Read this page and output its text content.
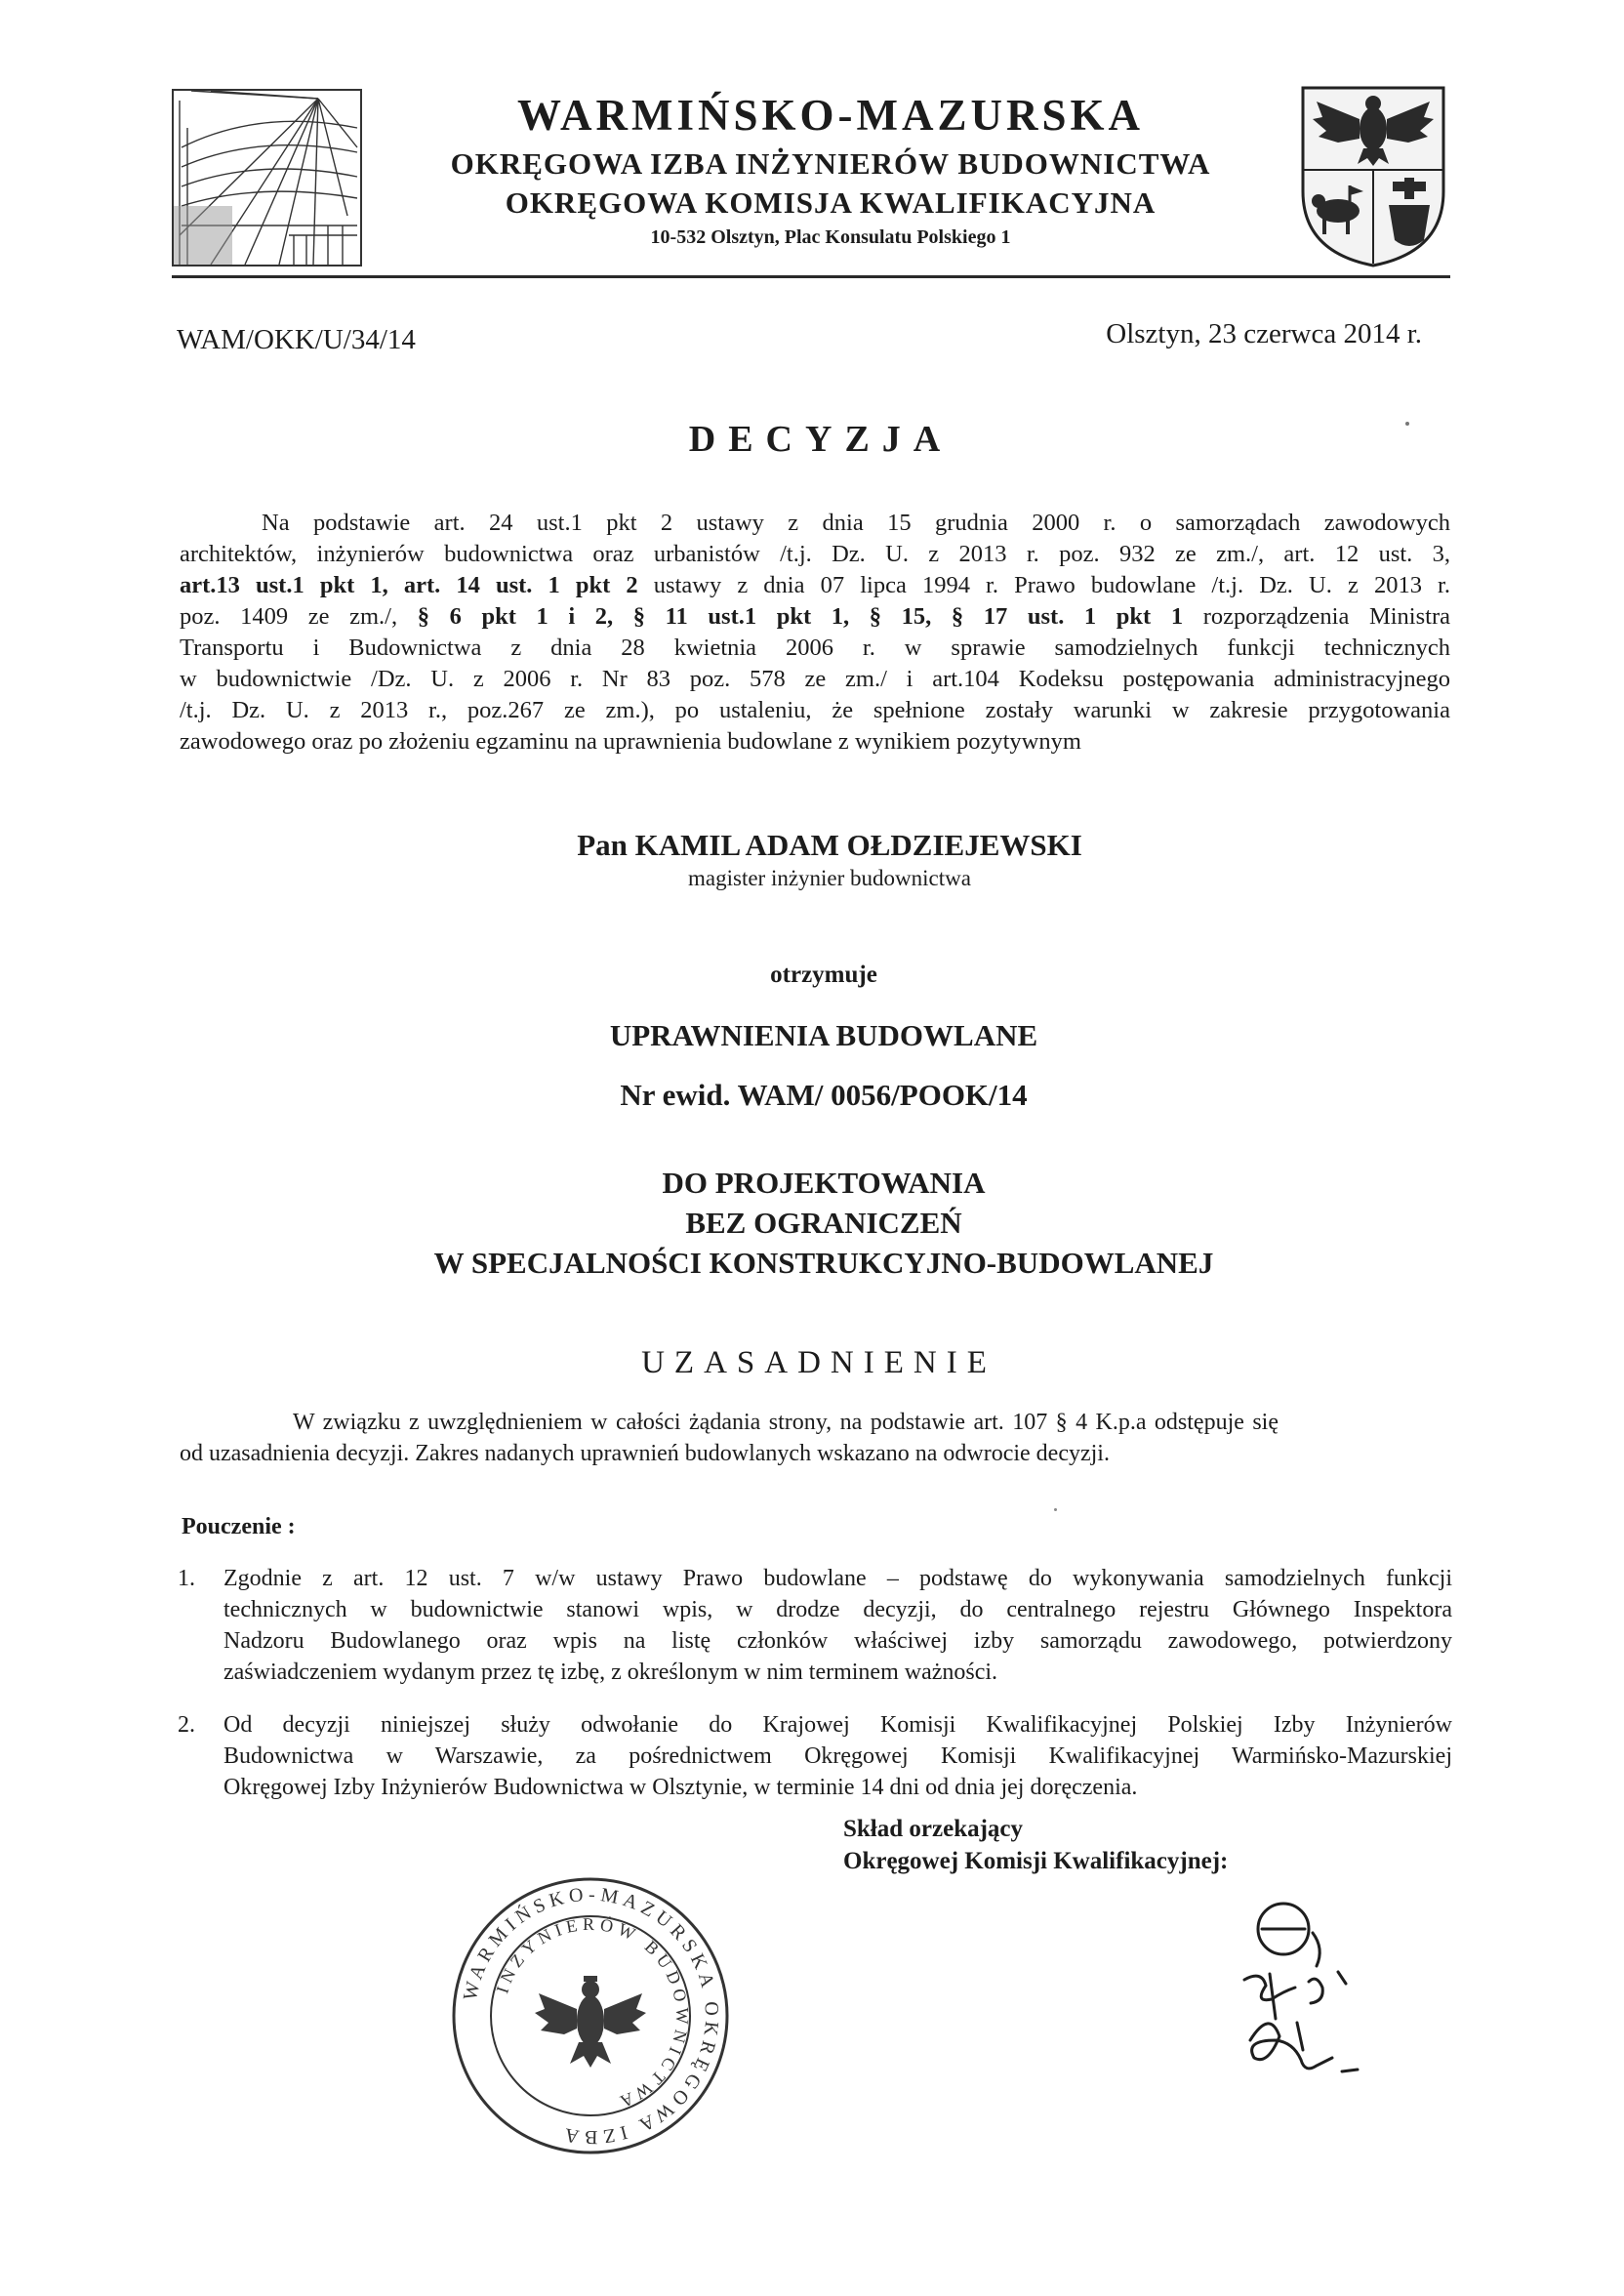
WARMIŃSKO-MAZURSKA
OKRĘGOWA IZBA INŻYNIERÓW BUDOWNICTWA
OKRĘGOWA KOMISJA KWALIFIKACYJNA
10-532 Olsztyn, Plac Konsulatu Polskiego 1
WAM/OKK/U/34/14	Olsztyn, 23 czerwca 2014 r.
DECYZJA
Na podstawie art. 24 ust.1 pkt 2 ustawy z dnia 15 grudnia 2000 r. o samorządach zawodowych
architektów, inżynierów budownictwa oraz urbanistów /t.j. Dz. U. z 2013 r. poz. 932 ze zm./, art. 12 ust. 3,
art.13 ust.1 pkt 1, art. 14 ust. 1 pkt 2 ustawy z dnia 07 lipca 1994 r. Prawo budowlane /t.j. Dz. U. z 2013 r.
poz. 1409 ze zm./, § 6 pkt 1 i 2, § 11 ust.1 pkt 1, § 15, § 17 ust. 1 pkt 1 rozporządzenia Ministra
Transportu i Budownictwa z dnia 28 kwietnia 2006 r. w sprawie samodzielnych funkcji technicznych
w budownictwie /Dz. U. z 2006 r. Nr 83 poz. 578 ze zm./ i art.104 Kodeksu postępowania administracyjnego
/t.j. Dz. U. z 2013 r., poz.267 ze zm.), po ustaleniu, że spełnione zostały warunki w zakresie przygotowania
zawodowego oraz po złożeniu egzaminu na uprawnienia budowlane z wynikiem pozytywnym
Pan KAMIL ADAM OŁDZIEJEWSKI
magister inżynier budownictwa
otrzymuje
UPRAWNIENIA BUDOWLANE
Nr ewid. WAM/ 0056/POOK/14
DO PROJEKTOWANIA
BEZ OGRANICZEŃ
W SPECJALNOŚCI KONSTRUKCYJNO-BUDOWLANEJ
UZASADNIENIE
W związku z uwzględnieniem w całości żądania strony, na podstawie art. 107 § 4 K.p.a odstępuje się
od uzasadnienia decyzji. Zakres nadanych uprawnień budowlanych wskazano na odwrocie decyzji.
Pouczenie :
1. Zgodnie z art. 12 ust. 7 w/w ustawy Prawo budowlane – podstawę do wykonywania samodzielnych funkcji
technicznych w budownictwie stanowi wpis, w drodze decyzji, do centralnego rejestru Głównego Inspektora
Nadzoru Budowlanego oraz wpis na listę członków właściwej izby samorządu zawodowego, potwierdzony
zaświadczeniem wydanym przez tę izbę, z określonym w nim terminem ważności.
2. Od decyzji niniejszej służy odwołanie do Krajowej Komisji Kwalifikacyjnej Polskiej Izby Inżynierów
Budownictwa w Warszawie, za pośrednictwem Okręgowej Komisji Kwalifikacyjnej Warmińsko-Mazurskiej
Okręgowej Izby Inżynierów Budownictwa w Olsztynie, w terminie 14 dni od dnia jej doręczenia.
Skład orzekający
Okręgowej Komisji Kwalifikacyjnej:
WARMIŃSKO-MAZURSKA OKRĘGOWA IZBA
INŻYNIERÓW BUDOWNICTWA
